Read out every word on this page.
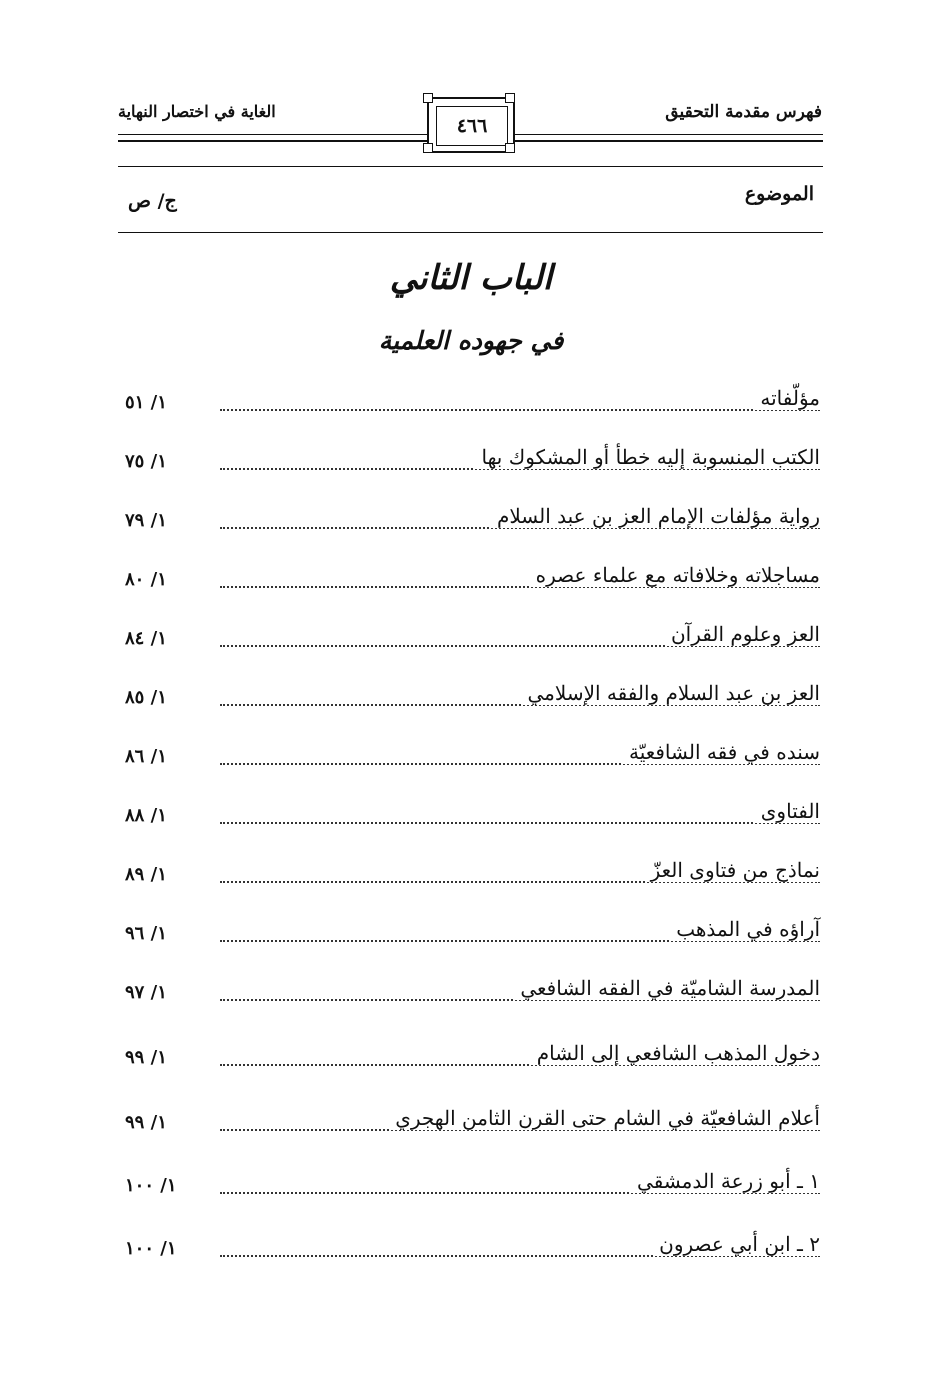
فهرس مقدمة التحقيق
الغاية في اختصار النهاية
٤٦٦
الموضوع
ج/ ص
الباب الثاني
في جهوده العلمية
مؤلّفاته
١/ ٥١
الكتب المنسوبة إليه خطأ أو المشكوك بها
١/ ٧٥
رواية مؤلفات الإمام العز بن عبد السلام
١/ ٧٩
مساجلاته وخلافاته مع علماء عصره
١/ ٨٠
العز وعلوم القرآن
١/ ٨٤
العز بن عبد السلام والفقه الإسلامي
١/ ٨٥
سنده في فقه الشافعيّة
١/ ٨٦
الفتاوى
١/ ٨٨
نماذج من فتاوى العزّ
١/ ٨٩
آراؤه في المذهب
١/ ٩٦
المدرسة الشاميّة في الفقه الشافعي
١/ ٩٧
دخول المذهب الشافعي إلى الشام
١/ ٩٩
أعلام الشافعيّة في الشام حتى القرن الثامن الهجري
١/ ٩٩
١ ـ أبو زرعة الدمشقي
١/ ١٠٠
٢ ـ ابن أبي عصرون
١/ ١٠٠
